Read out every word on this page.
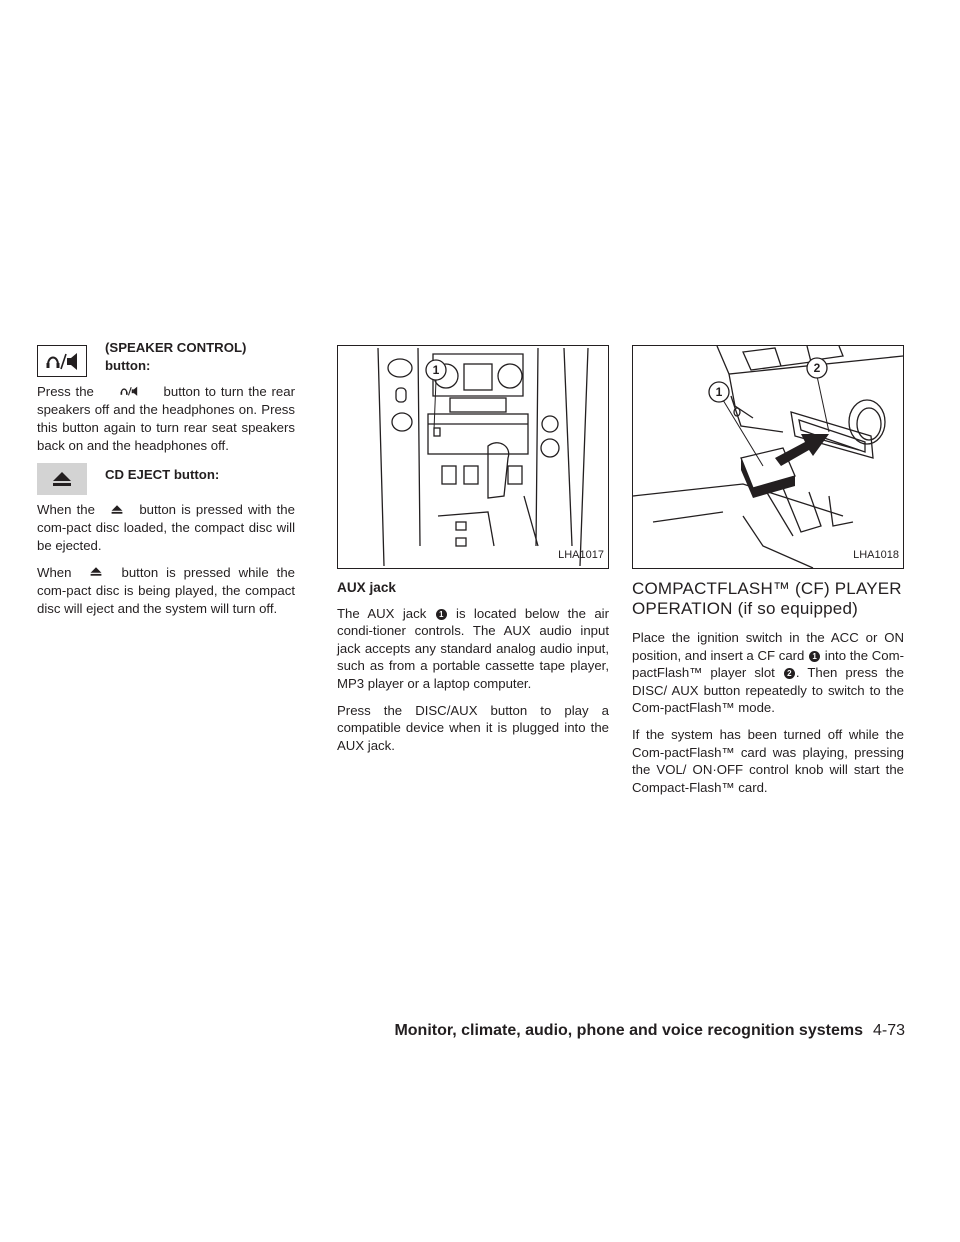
(SPEAKER CONTROL) button:

Press the	button to turn the rear speakers off and the headphones on. Press this button again to turn rear seat speakers back on and the headphones off.

CD EJECT button:

When the	button is pressed with the com-pact disc loaded, the compact disc will be ejected.

When	button is pressed while the com-pact disc is being played, the compact disc will eject and the system will turn off.

1
LHA1017
AUX jack

The AUX jack 1 is located below the air condi-tioner controls. The AUX audio input jack accepts any standard analog audio input, such as from a portable cassette tape player, MP3 player or a laptop computer.

Press the DISC/AUX button to play a compatible device when it is plugged into the AUX jack.

1
2
LHA1018
COMPACTFLASH™ (CF) PLAYER
OPERATION (if so equipped)

Place the ignition switch in the ACC or ON position, and insert a CF card 1 into the Com-pactFlash™ player slot 2 . Then press the DISC/ AUX button repeatedly to switch to the Com-pactFlash™ mode.

If the system has been turned off while the Com-pactFlash™ card was playing, pressing the VOL/ ON·OFF control knob will start the Compact-Flash™ card.

Monitor, climate, audio, phone and voice recognition systems 4-73
